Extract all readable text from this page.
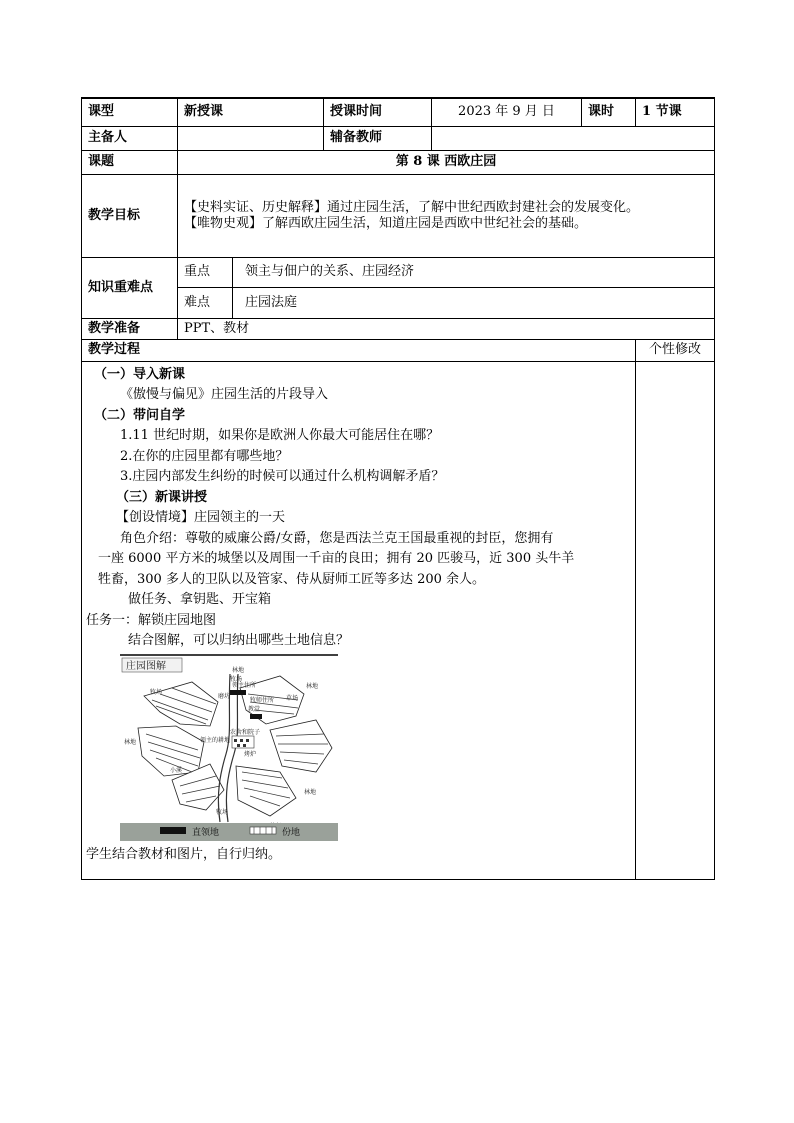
课型	新授课	授课时间	2023 年 9 月 日	课时	1 节课
主备人		辅备教师	
课题	第 8 课 西欧庄园
教学目标	

【史料实证、历史解释】通过庄园生活，了解中世纪西欧封建社会的发展变化。

【唯物史观】了解西欧庄园生活，知道庄园是西欧中世纪社会的基础。

知识重难点	
重点	领主与佃户的关系、庄园经济
难点	庄园法庭

教学准备	PPT、教材
教学过程	个性修改

（一）导入新课
《傲慢与偏见》庄园生活的片段导入
（二）带问自学
1.11 世纪时期，如果你是欧洲人你最大可能居住在哪？
2.在你的庄园里都有哪些地？
3.庄园内部发生纠纷的时候可以通过什么机构调解矛盾？
（三）新课讲授
【创设情境】庄园领主的一天
角色介绍：尊敬的威廉公爵/女爵，您是西法兰克王国最重视的封臣，您拥有
一座 6000 平方米的城堡以及周围一千亩的良田；拥有 20 匹骏马，近 300 头牛羊
牲畜，300 多人的卫队以及管家、侍从厨师工匠等多达 200 余人。
做任务、拿钥匙、开宝箱
任务一：解锁庄园地图
结合图解，可以归纳出哪些土地信息？
庄园图解	林地
林地
林地
林地
牧场
牧场
牧场
领主住所
教堂
农舍和院子
小溪
草场
磨坊
烤炉
牧师住所
领主的耕地
直领地	份地
学生结合教材和图片，自行归纳。
